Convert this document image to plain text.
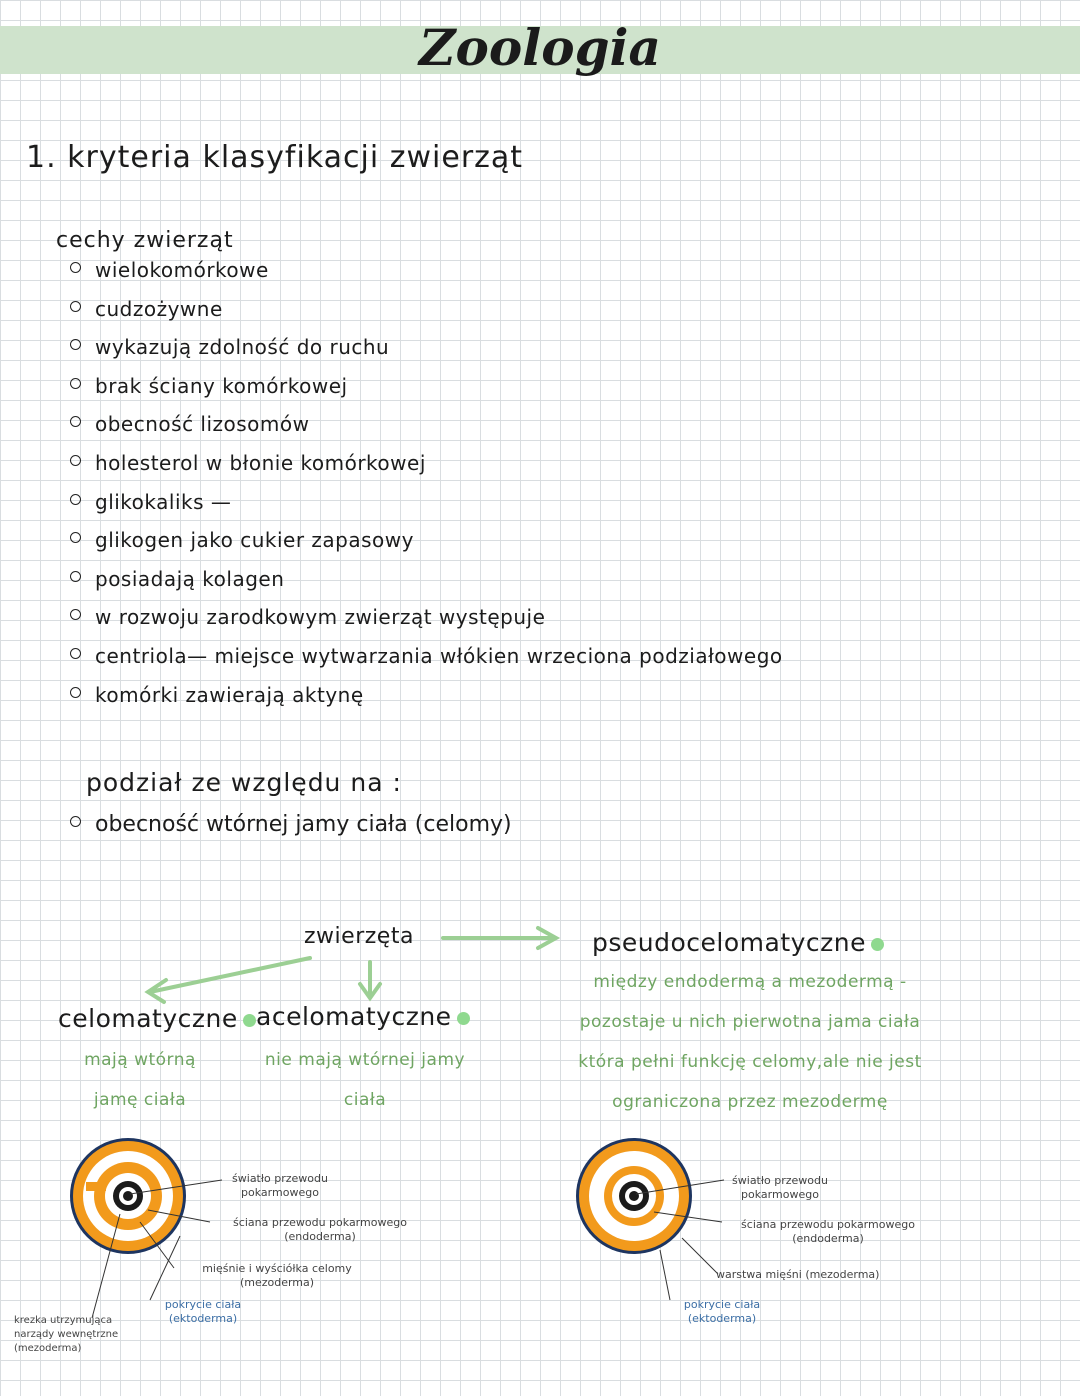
Zoologia
1. kryteria klasyfikacji zwierząt
cechy zwierząt
wielokomórkowe
cudzożywne
wykazują zdolność do ruchu
brak ściany komórkowej
obecność lizosomów
holesterol w błonie komórkowej
glikokaliks —
glikogen jako cukier zapasowy
posiadają kolagen
w rozwoju zarodkowym zwierząt występuje
centriola— miejsce wytwarzania włókien wrzeciona podziałowego
komórki zawierają aktynę
podział ze względu na :
obecność wtórnej jamy ciała (celomy)
zwierzęta	pseudocelomatyczne
celomatyczne acelomatyczne
mają wtórną
jamę ciała
nie mają wtórnej jamy
ciała
między endodermą a mezodermą -
pozostaje u nich pierwotna jama ciała
która pełni funkcję celomy,ale nie jest
ograniczona przez mezodermę
światło przewodu
pokarmowego
ściana przewodu pokarmowego
(endoderma)
mięśnie i wyściółka celomy
(mezoderma)
pokrycie ciała
(ektoderma)
krezka utrzymująca
narządy wewnętrzne
(mezoderma)
światło przewodu
pokarmowego
ściana przewodu pokarmowego
(endoderma)
warstwa mięśni (mezoderma)
pokrycie ciała
(ektoderma)
